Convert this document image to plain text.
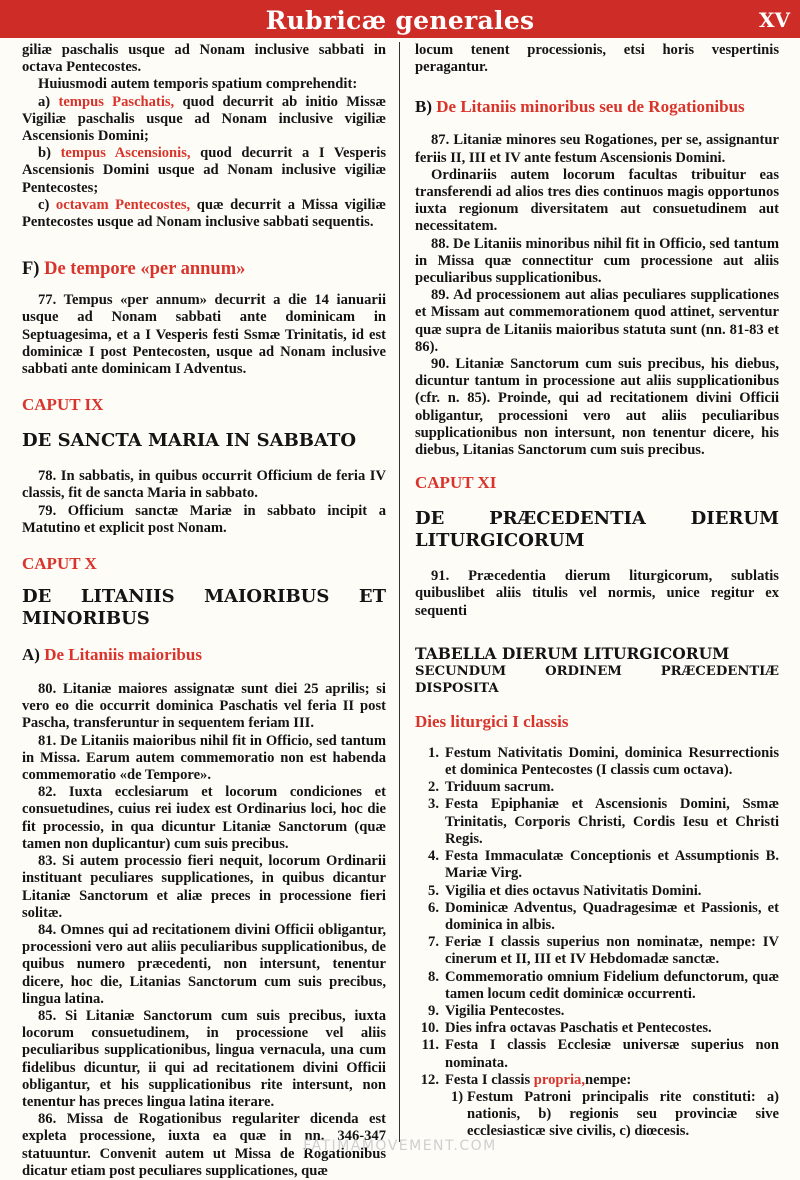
Rubricæ generales	XV

giliæ paschalis usque ad Nonam inclusive sabbati in octava Pentecostes.

Huiusmodi autem temporis spatium comprehendit:

a) tempus Paschatis, quod decurrit ab initio Missæ Vigiliæ paschalis usque ad Nonam inclusive vigiliæ Ascensionis Domini;

b) tempus Ascensionis, quod decurrit a I Vesperis Ascensionis Domini usque ad Nonam inclusive vigiliæ Pentecostes;

c) octavam Pentecostes, quæ decurrit a Missa vigiliæ Pentecostes usque ad Nonam inclusive sabbati sequentis.

F) De tempore «per annum»

77. Tempus «per annum» decurrit a die 14 ianuarii usque ad Nonam sabbati ante dominicam in Septuagesima, et a I Vesperis festi Ssmæ Trinitatis, id est dominicæ I post Pentecosten, usque ad Nonam inclusive sabbati ante dominicam I Adventus.

CAPUT IX

DE SANCTA MARIA IN SABBATO

78. In sabbatis, in quibus occurrit Officium de feria IV classis, fit de sancta Maria in sabbato.

79. Officium sanctæ Mariæ in sabbato incipit a Matutino et explicit post Nonam.

CAPUT X

DE LITANIIS MAIORIBUS ET MINORIBUS

A) De Litaniis maioribus

80. Litaniæ maiores assignatæ sunt diei 25 aprilis; si vero eo die occurrit dominica Paschatis vel feria II post Pascha, transferuntur in sequentem feriam III.

81. De Litaniis maioribus nihil fit in Officio, sed tantum in Missa. Earum autem commemoratio non est habenda commemoratio «de Tempore».

82. Iuxta ecclesiarum et locorum condiciones et consuetudines, cuius rei iudex est Ordinarius loci, hoc die fit processio, in qua dicuntur Litaniæ Sanctorum (quæ tamen non duplicantur) cum suis precibus.

83. Si autem processio fieri nequit, locorum Ordinarii instituant peculiares supplicationes, in quibus dicantur Litaniæ Sanctorum et aliæ preces in processione fieri solitæ.

84. Omnes qui ad recitationem divini Officii obligantur, processioni vero aut aliis peculiaribus supplicationibus, de quibus numero præcedenti, non intersunt, tenentur dicere, hoc die, Litanias Sanctorum cum suis precibus, lingua latina.

85. Si Litaniæ Sanctorum cum suis precibus, iuxta locorum consuetudinem, in processione vel aliis peculiaribus supplicationibus, lingua vernacula, una cum fidelibus dicuntur, ii qui ad recitationem divini Officii obligantur, et his supplicationibus rite intersunt, non tenentur has preces lingua latina iterare.

86. Missa de Rogationibus regulariter dicenda est expleta processione, iuxta ea quæ in nn. 346-347 statuuntur. Convenit autem ut Missa de Rogationibus dicatur etiam post peculiares supplicationes, quæ

locum tenent processionis, etsi horis vespertinis peragantur.

B) De Litaniis minoribus seu de Rogationibus

87. Litaniæ minores seu Rogationes, per se, assignantur feriis II, III et IV ante festum Ascensionis Domini.

Ordinariis autem locorum facultas tribuitur eas transferendi ad alios tres dies continuos magis opportunos iuxta regionum diversitatem aut consuetudinem aut necessitatem.

88. De Litaniis minoribus nihil fit in Officio, sed tantum in Missa quæ connectitur cum processione aut aliis peculiaribus supplicationibus.

89. Ad processionem aut alias peculiares supplicationes et Missam aut commemorationem quod attinet, serventur quæ supra de Litaniis maioribus statuta sunt (nn. 81-83 et 86).

90. Litaniæ Sanctorum cum suis precibus, his diebus, dicuntur tantum in processione aut aliis supplicationibus (cfr. n. 85). Proinde, qui ad recitationem divini Officii obligantur, processioni vero aut aliis peculiaribus supplicationibus non intersunt, non tenentur dicere, his diebus, Litanias Sanctorum cum suis precibus.

CAPUT XI

DE PRÆCEDENTIA DIERUM LITURGICORUM

91. Præcedentia dierum liturgicorum, sublatis quibuslibet aliis titulis vel normis, unice regitur ex sequenti

TABELLA DIERUM LITURGICORUM

SECUNDUM ORDINEM PRÆCEDENTIÆ DISPOSITA

Dies liturgici I classis

1. Festum Nativitatis Domini, dominica Resurrectionis et dominica Pentecostes (I classis cum octava).
2. Triduum sacrum.
3. Festa Epiphaniæ et Ascensionis Domini, Ssmæ Trinitatis, Corporis Christi, Cordis Iesu et Christi Regis.
4. Festa Immaculatæ Conceptionis et Assumptionis B. Mariæ Virg.
5. Vigilia et dies octavus Nativitatis Domini.
6. Dominicæ Adventus, Quadragesimæ et Passionis, et dominica in albis.
7. Feriæ I classis superius non nominatæ, nempe: IV cinerum et II, III et IV Hebdomadæ sanctæ.
8. Commemoratio omnium Fidelium defunctorum, quæ tamen locum cedit dominicæ occurrenti.
9. Vigilia Pentecostes.
10. Dies infra octavas Paschatis et Pentecostes.
11. Festa I classis Ecclesiæ universæ superius non nominata.
12. Festa I classis propria,nempe:
1) Festum Patroni principalis rite constituti: a) nationis, b) regionis seu provinciæ sive ecclesiasticæ sive civilis, c) diœcesis.
FATIMAMOVEMENT.COM
